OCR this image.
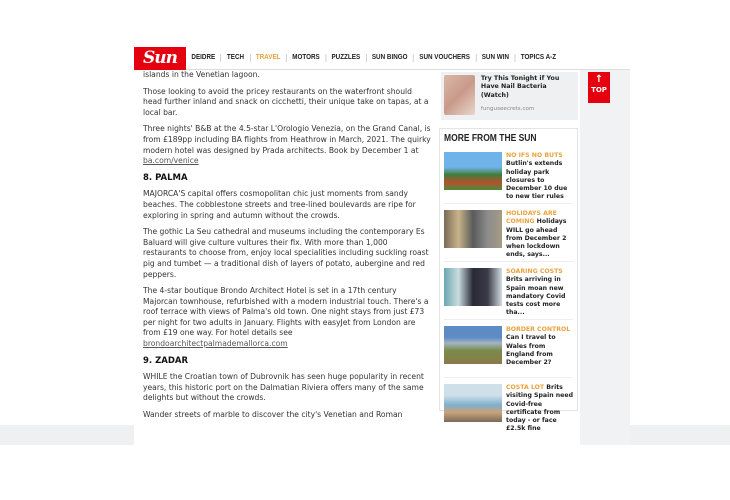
Sun	DEIDRE	TECH	TRAVEL	MOTORS	PUZZLES	SUN BINGO	SUN VOUCHERS	SUN WIN	TOPICS A-Z

islands in the Venetian lagoon.

Those looking to avoid the pricey restaurants on the waterfront should head further inland and snack on cicchetti, their unique take on tapas, at a local bar.

Three nights' B&B at the 4.5-star L'Orologio Venezia, on the Grand Canal, is from £189pp including BA flights from Heathrow in March, 2021. The quirky modern hotel was designed by Prada architects. Book by December 1 at ba.com/venice

8. PALMA

MAJORCA'S capital offers cosmopolitan chic just moments from sandy beaches. The cobblestone streets and tree-lined boulevards are ripe for exploring in spring and autumn without the crowds.

The gothic La Seu cathedral and museums including the contemporary Es Baluard will give culture vultures their fix. With more than 1,000 restaurants to choose from, enjoy local specialities including suckling roast pig and tumbet — a traditional dish of layers of potato, aubergine and red peppers.

The 4-star boutique Brondo Architect Hotel is set in a 17th century Majorcan townhouse, refurbished with a modern industrial touch. There's a roof terrace with views of Palma's old town. One night stays from just £73 per night for two adults in January. Flights with easyJet from London are from £19 one way. For hotel details see brondoarchitectpalmademallorca.com

9. ZADAR

WHILE the Croatian town of Dubrovnik has seen huge popularity in recent years, this historic port on the Dalmatian Riviera offers many of the same delights but without the crowds.

Wander streets of marble to discover the city's Venetian and Roman

Try This Tonight if You Have Nail Bacteria (Watch)
funguseecrets.com
↑
TOP
MORE FROM THE SUN
NO IFS NO BUTS Butlin's extends holiday park closures to December 10 due to new tier rules
HOLIDAYS ARE COMING Holidays WILL go ahead from December 2 when lockdown ends, says...
SOARING COSTS Brits arriving in Spain moan new mandatory Covid tests cost more tha...
BORDER CONTROL Can I travel to Wales from England from December 2?
COSTA LOT Brits visiting Spain need Covid-free certificate from today - or face £2.5k fine
